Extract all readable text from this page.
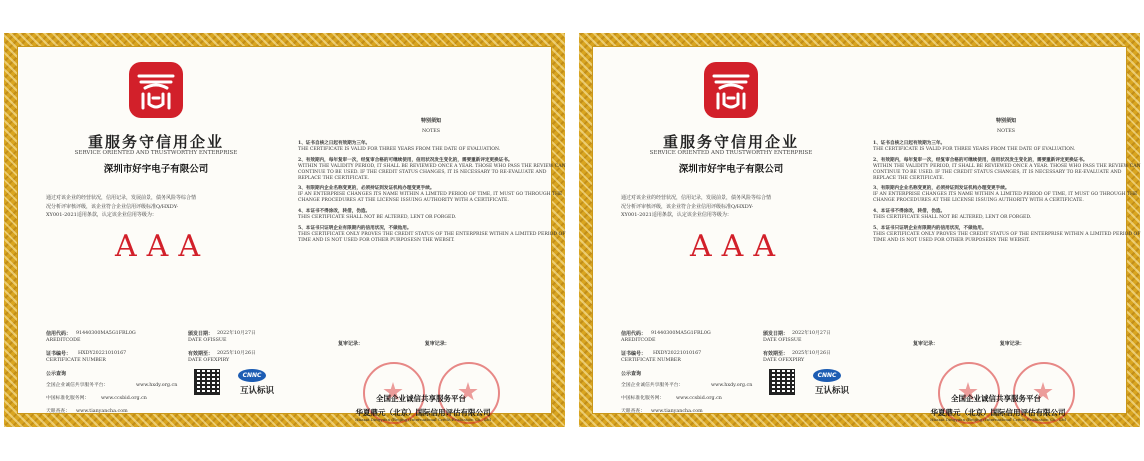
重服务守信用企业
SERVICE ORIENTED AND TRUSTWORTHY ENTERPRISE
深圳市好宇电子有限公司
通过对该企业的经营状况，信用记录，发展前景，债务风险等综合情况分析评审核评级，该企业符合企业信用评级标准Q/HXDY-XY001-2021适用条款，认定该企业信用等级为：
AAA
信用代码： 91440300MA5G1FRL0G
AREDITCODE
颁发日期： 2022年10月27日
DATE OFISSUE
证书编号： HXDY20221010167
CERTIFICATE NUMBER
有效期至： 2025年10月26日
DATE OFEXPIRY
公示查询
全国企业诚信共享服务平台：	www.hxdy.org.cn
中国标准化服务网： www.ccsbid.org.cn
天眼查查： www.tianyancha.com
CNNC
互认标识
特别须知
NOTES

1、证书自核之日起有效期为三年。
THE CERTIFICATE IS VALID FOR THREE YEARS FROM THE DATE OF EVALUATION.

2、有效期内，每年复审一次，经复审合格的可继续使用，信用状况发生变化的，需要重新评定更换证书。
WITHIN THE VALIDITY PERIOD, IT SHALL BE REVIEWED ONCE A YEAR. THOSE WHO PASS THE REVIEW CAN CONTINUE TO BE USED. IF THE CREDIT STATUS CHANGES, IT IS NECESSARY TO RE-EVALUATE AND REPLACE THE CERTIFICATE.

3、有限期内企业名称变更的，必须持证到发证机构办理变更手续。
IF AN ENTERPRISE CHANGES ITS NAME WITHIN A LIMITED PERIOD OF TIME, IT MUST GO THROUGH THE CHANGE PROCEDURES AT THE LICENSE ISSUING AUTHORITY WITH A CERTIFICATE.

4、本证书不得涂改，转借，伪造。
THIS CERTIFICATE SHALL NOT BE ALTERED, LENT OR FORGED.

5、本证书只证明企业有限期内的信用状况，不做他用。
THIS CERTIFICATE ONLY PROVES THE CREDIT STATUS OF THE ENTERPRISE WITHIN A LIMITED PERIOD OF TIME AND IS NOT USED FOR OTHER PURPOSESN THE WEBSIT.

复审记录：	复审记录：
全国企业诚信共享服务平台
华夏鼎元（北京）国际信用评估有限公司
Huaxia Dingyuan (Beijing) International Credit Evaluation Co., Ltd
重服务守信用企业
SERVICE ORIENTED AND TRUSTWORTHY ENTERPRISE
深圳市好宇电子有限公司
通过对该企业的经营状况，信用记录，发展前景，债务风险等综合情况分析评审核评级，该企业符合企业信用评级标准Q/HXDY-XY001-2021适用条款，认定该企业信用等级为：
AAA
信用代码： 91440300MA5G1FRL0G
AREDITCODE
颁发日期： 2022年10月27日
DATE OFISSUE
证书编号： HXDY20221010167
CERTIFICATE NUMBER
有效期至： 2025年10月26日
DATE OFEXPIRY
公示查询
全国企业诚信共享服务平台：	www.hxdy.org.cn
中国标准化服务网： www.ccsbid.org.cn
天眼查查： www.tianyancha.com
CNNC
互认标识
特别须知
NOTES

1、证书自核之日起有效期为三年。
THE CERTIFICATE IS VALID FOR THREE YEARS FROM THE DATE OF EVALUATION.

2、有效期内，每年复审一次，经复审合格的可继续使用，信用状况发生变化的，需要重新评定更换证书。
WITHIN THE VALIDITY PERIOD, IT SHALL BE REVIEWED ONCE A YEAR. THOSE WHO PASS THE REVIEW CAN CONTINUE TO BE USED. IF THE CREDIT STATUS CHANGES, IT IS NECESSARY TO RE-EVALUATE AND REPLACE THE CERTIFICATE.

3、有限期内企业名称变更的，必须持证到发证机构办理变更手续。
IF AN ENTERPRISE CHANGES ITS NAME WITHIN A LIMITED PERIOD OF TIME, IT MUST GO THROUGH THE CHANGE PROCEDURES AT THE LICENSE ISSUING AUTHORITY WITH A CERTIFICATE.

4、本证书不得涂改，转借，伪造。
THIS CERTIFICATE SHALL NOT BE ALTERED, LENT OR FORGED.

5、本证书只证明企业有限期内的信用状况，不做他用。
THIS CERTIFICATE ONLY PROVES THE CREDIT STATUS OF THE ENTERPRISE WITHIN A LIMITED PERIOD OF TIME AND IS NOT USED FOR OTHER PURPOSERN THE WEBSIT.

复审记录：	复审记录：
全国企业诚信共享服务平台
华夏鼎元（北京）国际信用评估有限公司
Huaxia Dingyuan (Beijing) International Credit Evaluation Co., Ltd
